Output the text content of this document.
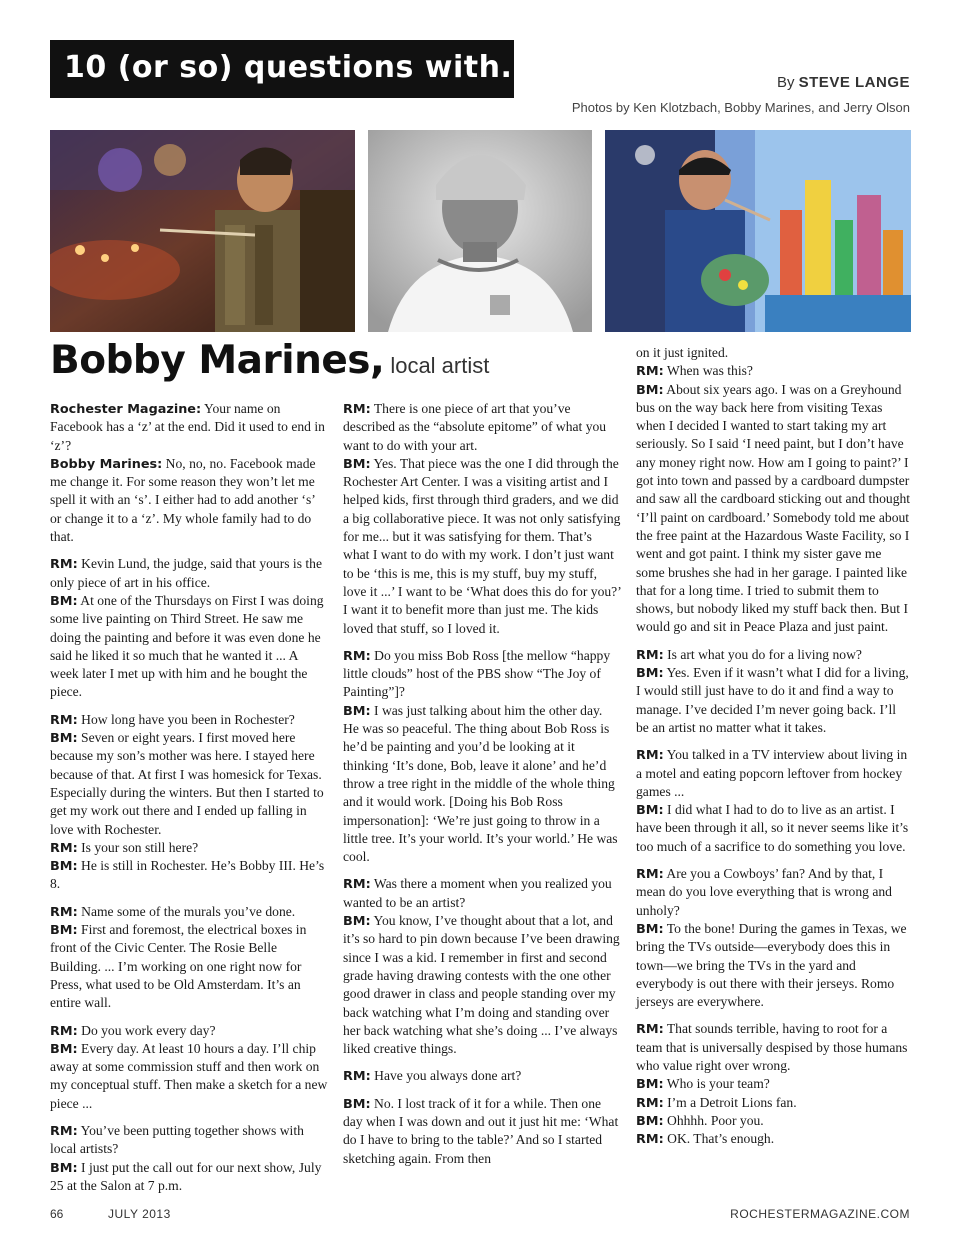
10 (or so) questions with...	By STEVE LANGE
Photos by Ken Klotzbach, Bobby Marines, and Jerry Olson
Bobby Marines, local artist

Rochester Magazine: Your name on Facebook has a ‘z’ at the end. Did it used to end in ‘z’?
Bobby Marines: No, no, no. Facebook made me change it. For some reason they won’t let me spell it with an ‘s’. I either had to add another ‘s’ or change it to a ‘z’. My whole family had to do that.

RM: Kevin Lund, the judge, said that yours is the only piece of art in his office.
BM: At one of the Thursdays on First I was doing some live painting on Third Street. He saw me doing the painting and before it was even done he said he liked it so much that he wanted it ... A week later I met up with him and he bought the piece.

RM: How long have you been in Rochester?
BM: Seven or eight years. I first moved here because my son’s mother was here. I stayed here because of that. At first I was homesick for Texas. Especially during the winters. But then I started to get my work out there and I ended up falling in love with Rochester.
RM: Is your son still here?
BM: He is still in Rochester. He’s Bobby III. He’s 8.

RM: Name some of the murals you’ve done.
BM: First and foremost, the electrical boxes in front of the Civic Center. The Rosie Belle Building. ... I’m working on one right now for Press, what used to be Old Amsterdam. It’s an entire wall.

RM: Do you work every day?
BM: Every day. At least 10 hours a day. I’ll chip away at some commission stuff and then work on my conceptual stuff. Then make a sketch for a new piece ...

RM: You’ve been putting together shows with local artists?
BM: I just put the call out for our next show, July 25 at the Salon at 7 p.m.

RM: There is one piece of art that you’ve described as the “absolute epitome” of what you want to do with your art.
BM: Yes. That piece was the one I did through the Rochester Art Center. I was a visiting artist and I helped kids, first through third graders, and we did a big collaborative piece. It was not only satisfying for me... but it was satisfying for them. That’s what I want to do with my work. I don’t just want to be ‘this is me, this is my stuff, buy my stuff, love it ...’ I want to be ‘What does this do for you?’ I want it to benefit more than just me. The kids loved that stuff, so I loved it.

RM: Do you miss Bob Ross [the mellow “happy little clouds” host of the PBS show “The Joy of Painting”]?
BM: I was just talking about him the other day. He was so peaceful. The thing about Bob Ross is he’d be painting and you’d be looking at it thinking ‘It’s done, Bob, leave it alone’ and he’d throw a tree right in the middle of the whole thing and it would work. [Doing his Bob Ross impersonation]: ‘We’re just going to throw in a little tree. It’s your world. It’s your world.’ He was cool.

RM: Was there a moment when you realized you wanted to be an artist?
BM: You know, I’ve thought about that a lot, and it’s so hard to pin down because I’ve been drawing since I was a kid. I remember in first and second grade having drawing contests with the one other good drawer in class and people standing over my back watching what I’m doing and standing over her back watching what she’s doing ... I’ve always liked creative things.

RM: Have you always done art?

BM: No. I lost track of it for a while. Then one day when I was down and out it just hit me: ‘What do I have to bring to the table?’ And so I started sketching again. From then

on it just ignited.
RM: When was this?
BM: About six years ago. I was on a Greyhound bus on the way back here from visiting Texas when I decided I wanted to start taking my art seriously. So I said ‘I need paint, but I don’t have any money right now. How am I going to paint?’ I got into town and passed by a cardboard dumpster and saw all the cardboard sticking out and thought ‘I’ll paint on cardboard.’ Somebody told me about the free paint at the Hazardous Waste Facility, so I went and got paint. I think my sister gave me some brushes she had in her garage. I painted like that for a long time. I tried to submit them to shows, but nobody liked my stuff back then. But I would go and sit in Peace Plaza and just paint.

RM: Is art what you do for a living now?
BM: Yes. Even if it wasn’t what I did for a living, I would still just have to do it and find a way to manage. I’ve decided I’m never going back. I’ll be an artist no matter what it takes.

RM: You talked in a TV interview about living in a motel and eating popcorn leftover from hockey games ...
BM: I did what I had to do to live as an artist. I have been through it all, so it never seems like it’s too much of a sacrifice to do something you love.

RM: Are you a Cowboys’ fan? And by that, I mean do you love everything that is wrong and unholy?
BM: To the bone! During the games in Texas, we bring the TVs outside—everybody does this in town—we bring the TVs in the yard and everybody is out there with their jerseys. Romo jerseys are everywhere.

RM: That sounds terrible, having to root for a team that is universally despised by those humans who value right over wrong.
BM: Who is your team?
RM: I’m a Detroit Lions fan.
BM: Ohhhh. Poor you.
RM: OK. That’s enough.

66	JULY 2013	ROCHESTERMAGAZINE.COM
